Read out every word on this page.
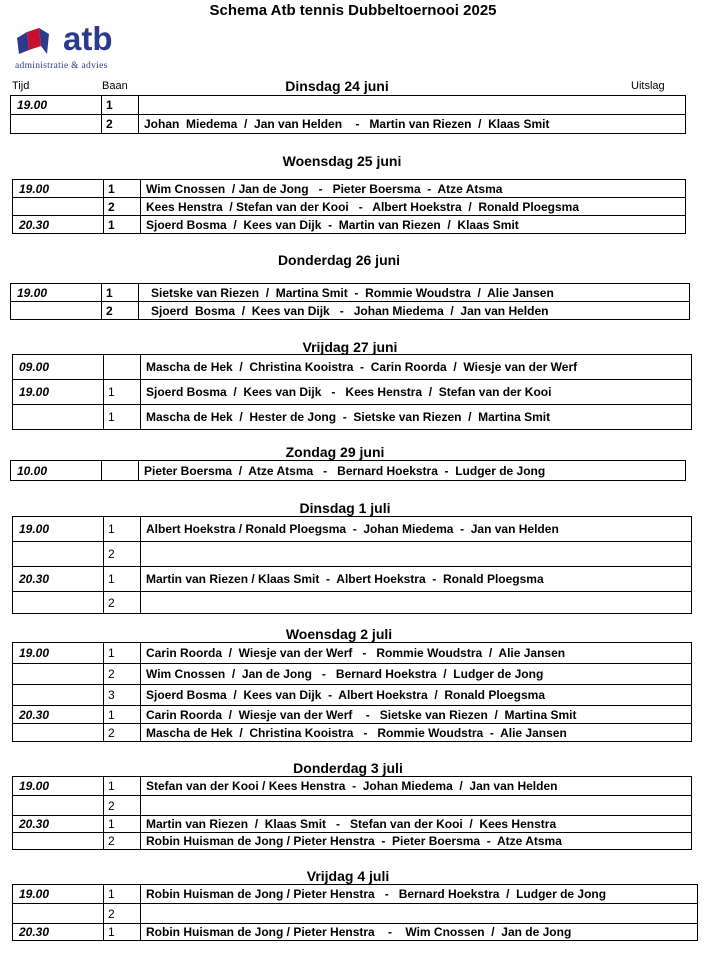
Schema Atb tennis Dubbeltoernooi 2025
atb
administratie & advies
Tijd	Baan	Uitslag
Dinsdag 24 juni
19.00	1	
	2	Johan  Miedema  /  Jan van Helden    -   Martin van Riezen  /  Klaas Smit
Woensdag 25 juni
19.00	1	Wim Cnossen  / Jan de Jong   -   Pieter Boersma  -  Atze Atsma
	2	Kees Henstra  / Stefan van der Kooi   -   Albert Hoekstra  /  Ronald Ploegsma
20.30	1	Sjoerd Bosma  /  Kees van Dijk  -  Martin van Riezen  /  Klaas Smit
Donderdag 26 juni
19.00	1	Sietske van Riezen  /  Martina Smit  -  Rommie Woudstra  /  Alie Jansen
	2	Sjoerd  Bosma  /  Kees van Dijk   -   Johan Miedema  /  Jan van Helden
Vrijdag 27 juni
09.00		Mascha de Hek  /  Christina Kooistra  -  Carin Roorda  /  Wiesje van der Werf
19.00	1	Sjoerd Bosma  /  Kees van Dijk   -   Kees Henstra  /  Stefan van der Kooi
	1	Mascha de Hek  /  Hester de Jong  -  Sietske van Riezen  /  Martina Smit
Zondag 29 juni
10.00		Pieter Boersma  /  Atze Atsma   -   Bernard Hoekstra  -  Ludger de Jong
Dinsdag 1 juli
19.00	1	Albert Hoekstra / Ronald Ploegsma  -  Johan Miedema  -  Jan van Helden
	2	
20.30	1	Martin van Riezen / Klaas Smit  -  Albert Hoekstra  -  Ronald Ploegsma
	2	
Woensdag 2 juli
19.00	1	Carin Roorda  /  Wiesje van der Werf   -   Rommie Woudstra  /  Alie Jansen
	2	Wim Cnossen  /  Jan de Jong   -   Bernard Hoekstra  /  Ludger de Jong
	3	Sjoerd Bosma  /  Kees van Dijk  -  Albert Hoekstra  /  Ronald Ploegsma
20.30	1	Carin Roorda  /  Wiesje van der Werf    -   Sietske van Riezen  /  Martina Smit
	2	Mascha de Hek  /  Christina Kooistra   -   Rommie Woudstra  -  Alie Jansen
Donderdag 3 juli
19.00	1	Stefan van der Kooi / Kees Henstra  -  Johan Miedema  /  Jan van Helden
	2	
20.30	1	Martin van Riezen  /  Klaas Smit   -   Stefan van der Kooi  /  Kees Henstra
	2	Robin Huisman de Jong / Pieter Henstra  -  Pieter Boersma  -  Atze Atsma
Vrijdag 4 juli
19.00	1	Robin Huisman de Jong / Pieter Henstra   -   Bernard Hoekstra  /  Ludger de Jong
	2	
20.30	1	Robin Huisman de Jong / Pieter Henstra    -    Wim Cnossen  /  Jan de Jong
